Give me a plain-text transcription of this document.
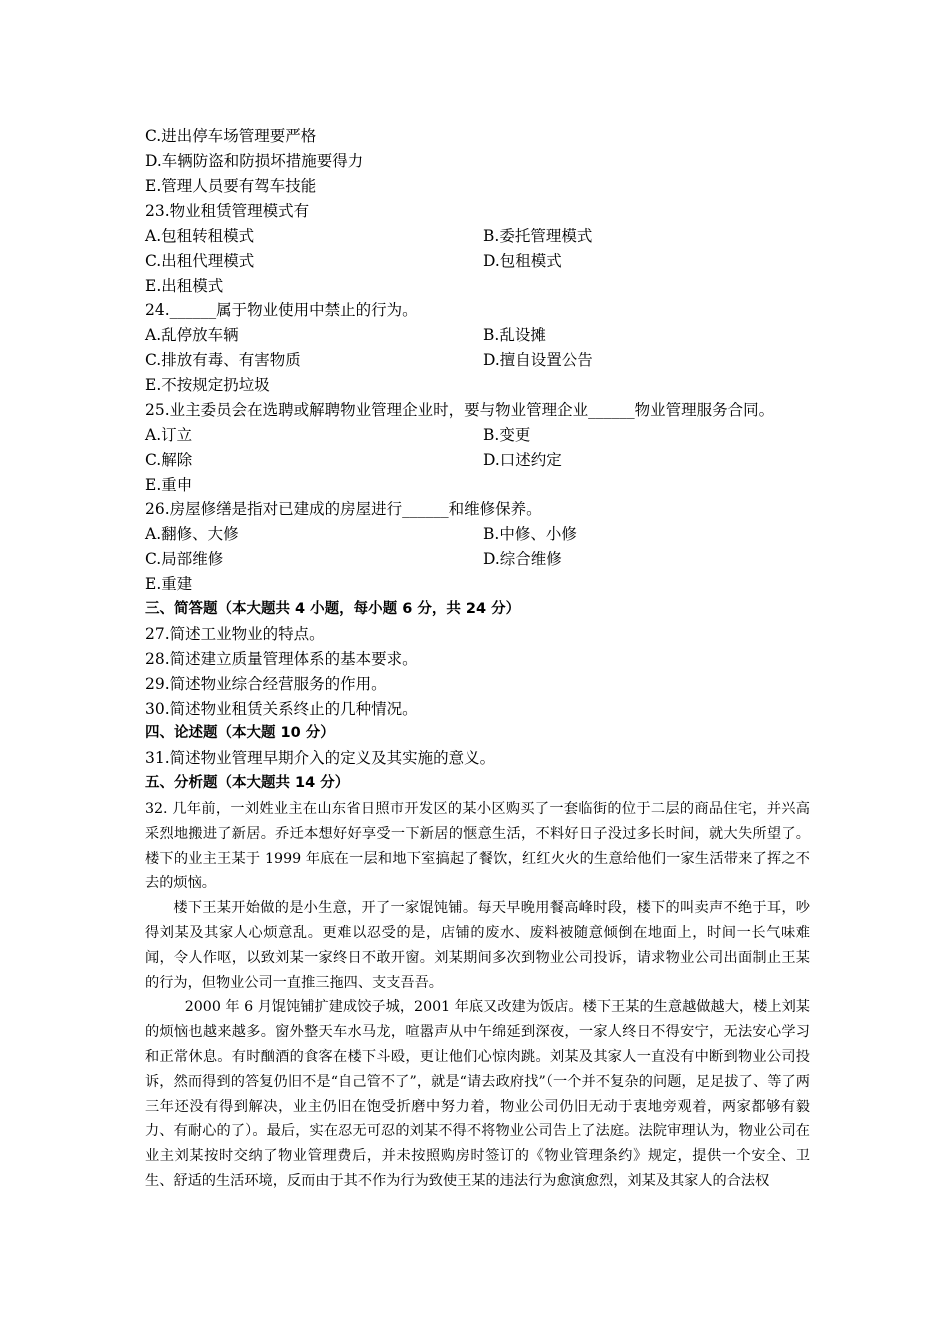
C.进出停车场管理要严格
D.车辆防盗和防损坏措施要得力
E.管理人员要有驾车技能
23.物业租赁管理模式有
A.包租转租模式	B.委托管理模式
C.出租代理模式	D.包租模式
E.出租模式
24.______属于物业使用中禁止的行为。
A.乱停放车辆	B.乱设摊
C.排放有毒、有害物质	D.擅自设置公告
E.不按规定扔垃圾
25.业主委员会在选聘或解聘物业管理企业时，要与物业管理企业______物业管理服务合同。
A.订立	B.变更
C.解除	D.口述约定
E.重申
26.房屋修缮是指对已建成的房屋进行______和维修保养。
A.翻修、大修	B.中修、小修
C.局部维修	D.综合维修
E.重建
三、简答题（本大题共 4 小题，每小题 6 分，共 24 分）
27.简述工业物业的特点。
28.简述建立质量管理体系的基本要求。
29.简述物业综合经营服务的作用。
30.简述物业租赁关系终止的几种情况。
四、论述题（本大题 10 分）
31.简述物业管理早期介入的定义及其实施的意义。
五、分析题（本大题共 14 分）

32. 几年前，一刘姓业主在山东省日照市开发区的某小区购买了一套临街的位于二层的商品住宅，并兴高采烈地搬进了新居。乔迁本想好好享受一下新居的惬意生活，不料好日子没过多长时间，就大失所望了。楼下的业主王某于 1999 年底在一层和地下室搞起了餐饮，红红火火的生意给他们一家生活带来了挥之不去的烦恼。

楼下王某开始做的是小生意，开了一家馄饨铺。每天早晚用餐高峰时段，楼下的叫卖声不绝于耳，吵得刘某及其家人心烦意乱。更难以忍受的是，店铺的废水、废料被随意倾倒在地面上，时间一长气味难闻，令人作呕，以致刘某一家终日不敢开窗。刘某期间多次到物业公司投诉，请求物业公司出面制止王某的行为，但物业公司一直推三拖四、支支吾吾。

2000 年 6 月馄饨铺扩建成饺子城，2001 年底又改建为饭店。楼下王某的生意越做越大，楼上刘某的烦恼也越来越多。窗外整天车水马龙，喧嚣声从中午绵延到深夜，一家人终日不得安宁，无法安心学习和正常休息。有时酗酒的食客在楼下斗殴，更让他们心惊肉跳。刘某及其家人一直没有中断到物业公司投诉，然而得到的答复仍旧不是“自己管不了”，就是“请去政府找”（一个并不复杂的问题，足足拔了、等了两三年还没有得到解决，业主仍旧在饱受折磨中努力着，物业公司仍旧无动于衷地旁观着，两家都够有毅力、有耐心的了）。最后，实在忍无可忍的刘某不得不将物业公司告上了法庭。法院审理认为，物业公司在业主刘某按时交纳了物业管理费后，并未按照购房时签订的《物业管理条约》规定，提供一个安全、卫生、舒适的生活环境，反而由于其不作为行为致使王某的违法行为愈演愈烈，刘某及其家人的合法权
